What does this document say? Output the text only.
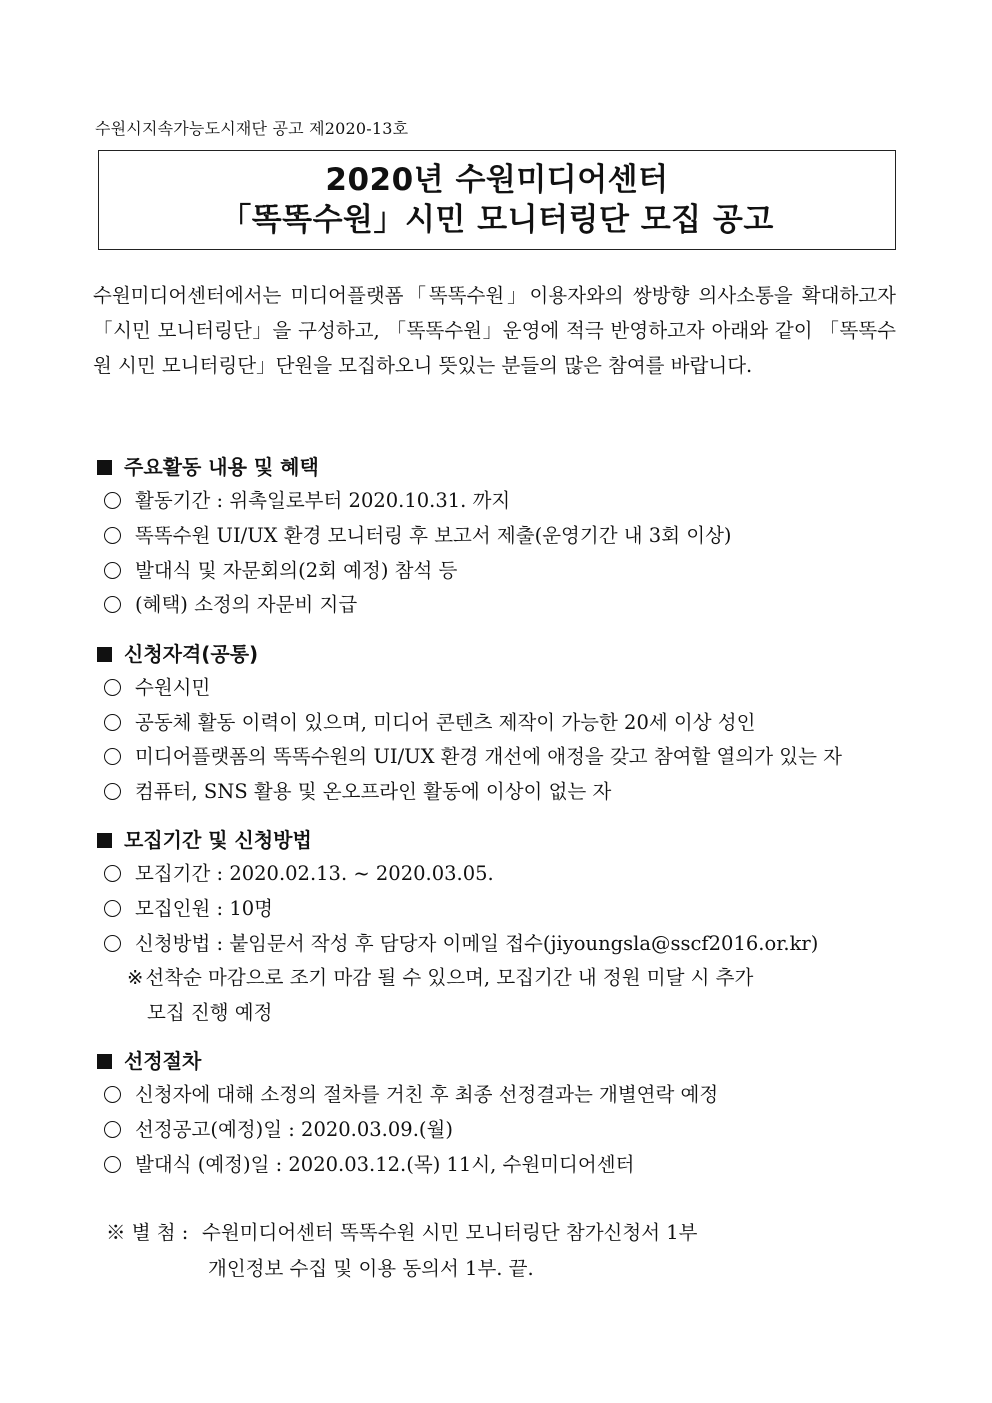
수원시지속가능도시재단 공고 제2020-13호
2020년 수원미디어센터
「똑똑수원」시민 모니터링단 모집 공고

수원미디어센터에서는 미디어플랫폼「똑똑수원」이용자와의 쌍방향 의사소통을 확대하고자「시민 모니터링단」을 구성하고, 「똑똑수원」운영에 적극 반영하고자 아래와 같이 「똑똑수원 시민 모니터링단」단원을 모집하오니 뜻있는 분들의 많은 참여를 바랍니다.

주요활동 내용 및 혜택
활동기간 : 위촉일로부터 2020.10.31. 까지
똑똑수원 UI/UX 환경 모니터링 후 보고서 제출(운영기간 내 3회 이상)
발대식 및 자문회의(2회 예정) 참석 등
(혜택) 소정의 자문비 지급
신청자격(공통)
수원시민
공동체 활동 이력이 있으며, 미디어 콘텐츠 제작이 가능한 20세 이상 성인
미디어플랫폼의 똑똑수원의 UI/UX 환경 개선에 애정을 갖고 참여할 열의가 있는 자
컴퓨터, SNS 활용 및 온오프라인 활동에 이상이 없는 자
모집기간 및 신청방법
모집기간 : 2020.02.13. ~ 2020.03.05.
모집인원 : 10명
신청방법 : 붙임문서 작성 후 담당자 이메일 접수(jiyoungsla@sscf2016.or.kr)
※ 선착순 마감으로 조기 마감 될 수 있으며, 모집기간 내 정원 미달 시 추가
모집 진행 예정
선정절차
신청자에 대해 소정의 절차를 거친 후 최종 선정결과는 개별연락 예정
선정공고(예정)일 : 2020.03.09.(월)
발대식 (예정)일 : 2020.03.12.(목) 11시, 수원미디어센터
※ 별 첨 : 수원미디어센터 똑똑수원 시민 모니터링단 참가신청서 1부
개인정보 수집 및 이용 동의서 1부. 끝.
